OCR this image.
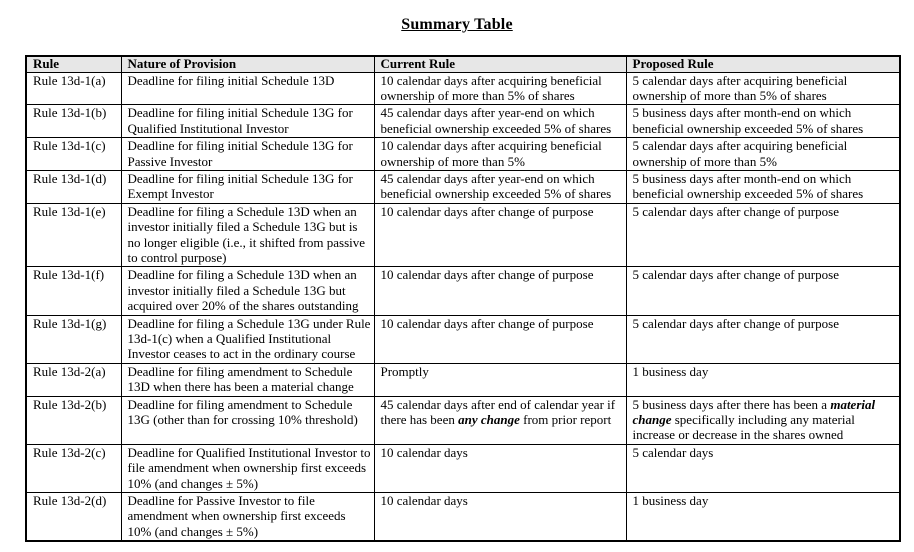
Summary Table
Rule	Nature of Provision	Current Rule	Proposed Rule
Rule 13d-1(a)	Deadline for filing initial Schedule 13D	10 calendar days after acquiring beneficial ownership of more than 5% of shares	5 calendar days after acquiring beneficial ownership of more than 5% of shares
Rule 13d-1(b)	Deadline for filing initial Schedule 13G for Qualified Institutional Investor	45 calendar days after year-end on which beneficial ownership exceeded 5% of shares	5 business days after month-end on which beneficial ownership exceeded 5% of shares
Rule 13d-1(c)	Deadline for filing initial Schedule 13G for Passive Investor	10 calendar days after acquiring beneficial ownership of more than 5%	5 calendar days after acquiring beneficial ownership of more than 5%
Rule 13d-1(d)	Deadline for filing initial Schedule 13G for Exempt Investor	45 calendar days after year-end on which beneficial ownership exceeded 5% of shares	5 business days after month-end on which beneficial ownership exceeded 5% of shares
Rule 13d-1(e)	Deadline for filing a Schedule 13D when an investor initially filed a Schedule 13G but is no longer eligible (i.e., it shifted from passive to control purpose)	10 calendar days after change of purpose	5 calendar days after change of purpose
Rule 13d-1(f)	Deadline for filing a Schedule 13D when an investor initially filed a Schedule 13G but acquired over 20% of the shares outstanding	10 calendar days after change of purpose	5 calendar days after change of purpose
Rule 13d-1(g)	Deadline for filing a Schedule 13G under Rule 13d-1(c) when a Qualified Institutional Investor ceases to act in the ordinary course	10 calendar days after change of purpose	5 calendar days after change of purpose
Rule 13d-2(a)	Deadline for filing amendment to Schedule 13D when there has been a material change	Promptly	1 business day
Rule 13d-2(b)	Deadline for filing amendment to Schedule 13G (other than for crossing 10% threshold)	45 calendar days after end of calendar year if there has been any change from prior report	5 business days after there has been a material change specifically including any material increase or decrease in the shares owned
Rule 13d-2(c)	Deadline for Qualified Institutional Investor to file amendment when ownership first exceeds 10% (and changes ± 5%)	10 calendar days	5 calendar days
Rule 13d-2(d)	Deadline for Passive Investor to file amendment when ownership first exceeds 10% (and changes ± 5%)	10 calendar days	1 business day
